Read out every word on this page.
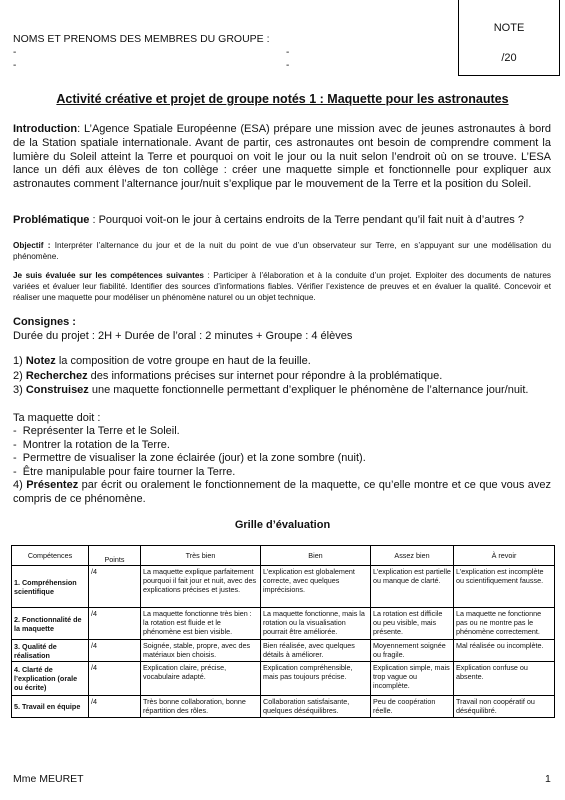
NOMS ET PRENOMS DES MEMBRES DU GROUPE :
-	-
-	-
NOTE
/20
Activité créative et projet de groupe notés 1 : Maquette pour les astronautes

Introduction: L’Agence Spatiale Européenne (ESA) prépare une mission avec de jeunes astronautes à bord de la Station spatiale internationale. Avant de partir, ces astronautes ont besoin de comprendre comment la lumière du Soleil atteint la Terre et pourquoi on voit le jour ou la nuit selon l’endroit où on se trouve. L’ESA lance un défi aux élèves de ton collège : créer une maquette simple et fonctionnelle pour expliquer aux astronautes comment l’alternance jour/nuit s’explique par le mouvement de la Terre et la position du Soleil.

Problématique : Pourquoi voit-on le jour à certains endroits de la Terre pendant qu’il fait nuit à d’autres ?

Objectif : Interpréter l’alternance du jour et de la nuit du point de vue d’un observateur sur Terre, en s’appuyant sur une modélisation du phénomène.

Je suis évaluée sur les compétences suivantes : Participer à l’élaboration et à la conduite d’un projet. Exploiter des documents de natures variées et évaluer leur fiabilité. Identifier des sources d’informations fiables. Vérifier l’existence de preuves et en évaluer la qualité. Concevoir et réaliser une maquette pour modéliser un phénomène naturel ou un objet technique.

Consignes :
Durée du projet : 2H + Durée de l’oral : 2 minutes + Groupe : 4 élèves

1) Notez la composition de votre groupe en haut de la feuille.

2) Recherchez des informations précises sur internet pour répondre à la problématique.

3) Construisez une maquette fonctionnelle permettant d’expliquer le phénomène de l’alternance jour/nuit.

Ta maquette doit :
-  Représenter la Terre et le Soleil.
-  Montrer la rotation de la Terre.
-  Permettre de visualiser la zone éclairée (jour) et la zone sombre (nuit).
-  Être manipulable pour faire tourner la Terre.

4) Présentez par écrit ou oralement le fonctionnement de la maquette, ce qu’elle montre et ce que vous avez compris de ce phénomène.

Grille d’évaluation
Compétences	Points	Très bien	Bien	Assez bien	À revoir
1. Compréhension scientifique	/4	La maquette explique parfaitement pourquoi il fait jour et nuit, avec des explications précises et justes.	L’explication est globalement correcte, avec quelques imprécisions.	L’explication est partielle ou manque de clarté.	L’explication est incomplète ou scientifiquement fausse.
2. Fonctionnalité de la maquette	/4	La maquette fonctionne très bien : la rotation est fluide et le phénomène est bien visible.	La maquette fonctionne, mais la rotation ou la visualisation pourrait être améliorée.	La rotation est difficile ou peu visible, mais présente.	La maquette ne fonctionne pas ou ne montre pas le phénomène correctement.
3. Qualité de réalisation	/4	Soignée, stable, propre, avec des matériaux bien choisis.	Bien réalisée, avec quelques détails à améliorer.	Moyennement soignée ou fragile.	Mal réalisée ou incomplète.
4. Clarté de l’explication (orale ou écrite)	/4	Explication claire, précise, vocabulaire adapté.	Explication compréhensible, mais pas toujours précise.	Explication simple, mais trop vague ou incomplète.	Explication confuse ou absente.
5. Travail en équipe	/4	Très bonne collaboration, bonne répartition des rôles.	Collaboration satisfaisante, quelques déséquilibres.	Peu de coopération réelle.	Travail non coopératif ou déséquilibré.
Mme MEURET	1
